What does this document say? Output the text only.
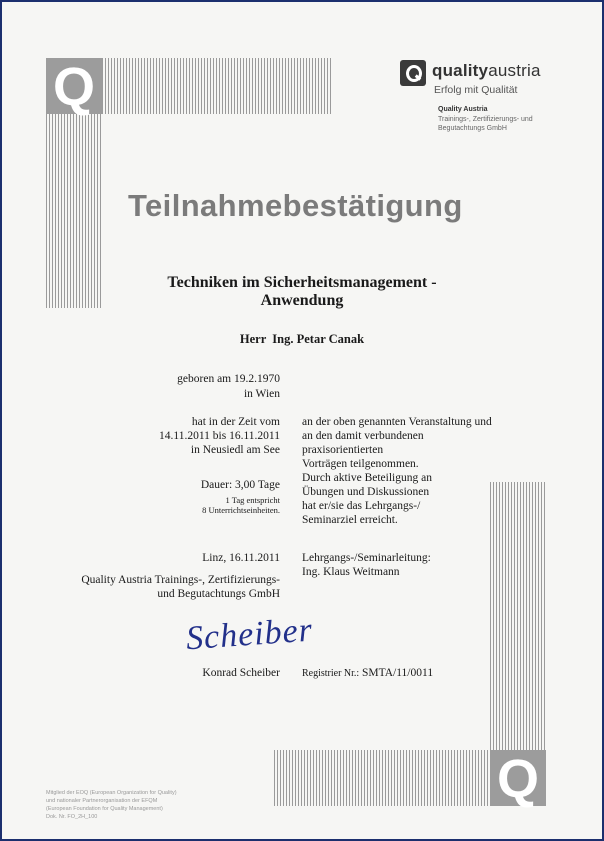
Q
Q
qualityaustria
Erfolg mit Qualität
Quality Austria
Trainings-, Zertifizierungs- und
Begutachtungs GmbH
Teilnahmebestätigung
Techniken im Sicherheitsmanagement -
Anwendung
Herr  Ing. Petar Canak
geboren am 19.2.1970
in Wien
hat in der Zeit vom
14.11.2011 bis 16.11.2011
in Neusiedl am See
Dauer: 3,00 Tage
1 Tag entspricht
8 Unterrichtseinheiten.
an der oben genannten Veranstaltung und
an den damit verbundenen
praxisorientierten
Vorträgen teilgenommen.
Durch aktive Beteiligung an
Übungen und Diskussionen
hat er/sie das Lehrgangs-/
Seminarziel erreicht.
Linz, 16.11.2011
Quality Austria Trainings-, Zertifizierungs-
und Begutachtungs GmbH
Lehrgangs-/Seminarleitung:
Ing. Klaus Weitmann
Scheiber
Konrad Scheiber Registrier Nr.: SMTA/11/0011
Mitglied der EOQ (European Organization for Quality)
und nationaler Partnerorganisation der EFQM
(European Foundation for Quality Management)
Dok. Nr. FO_2H_100
